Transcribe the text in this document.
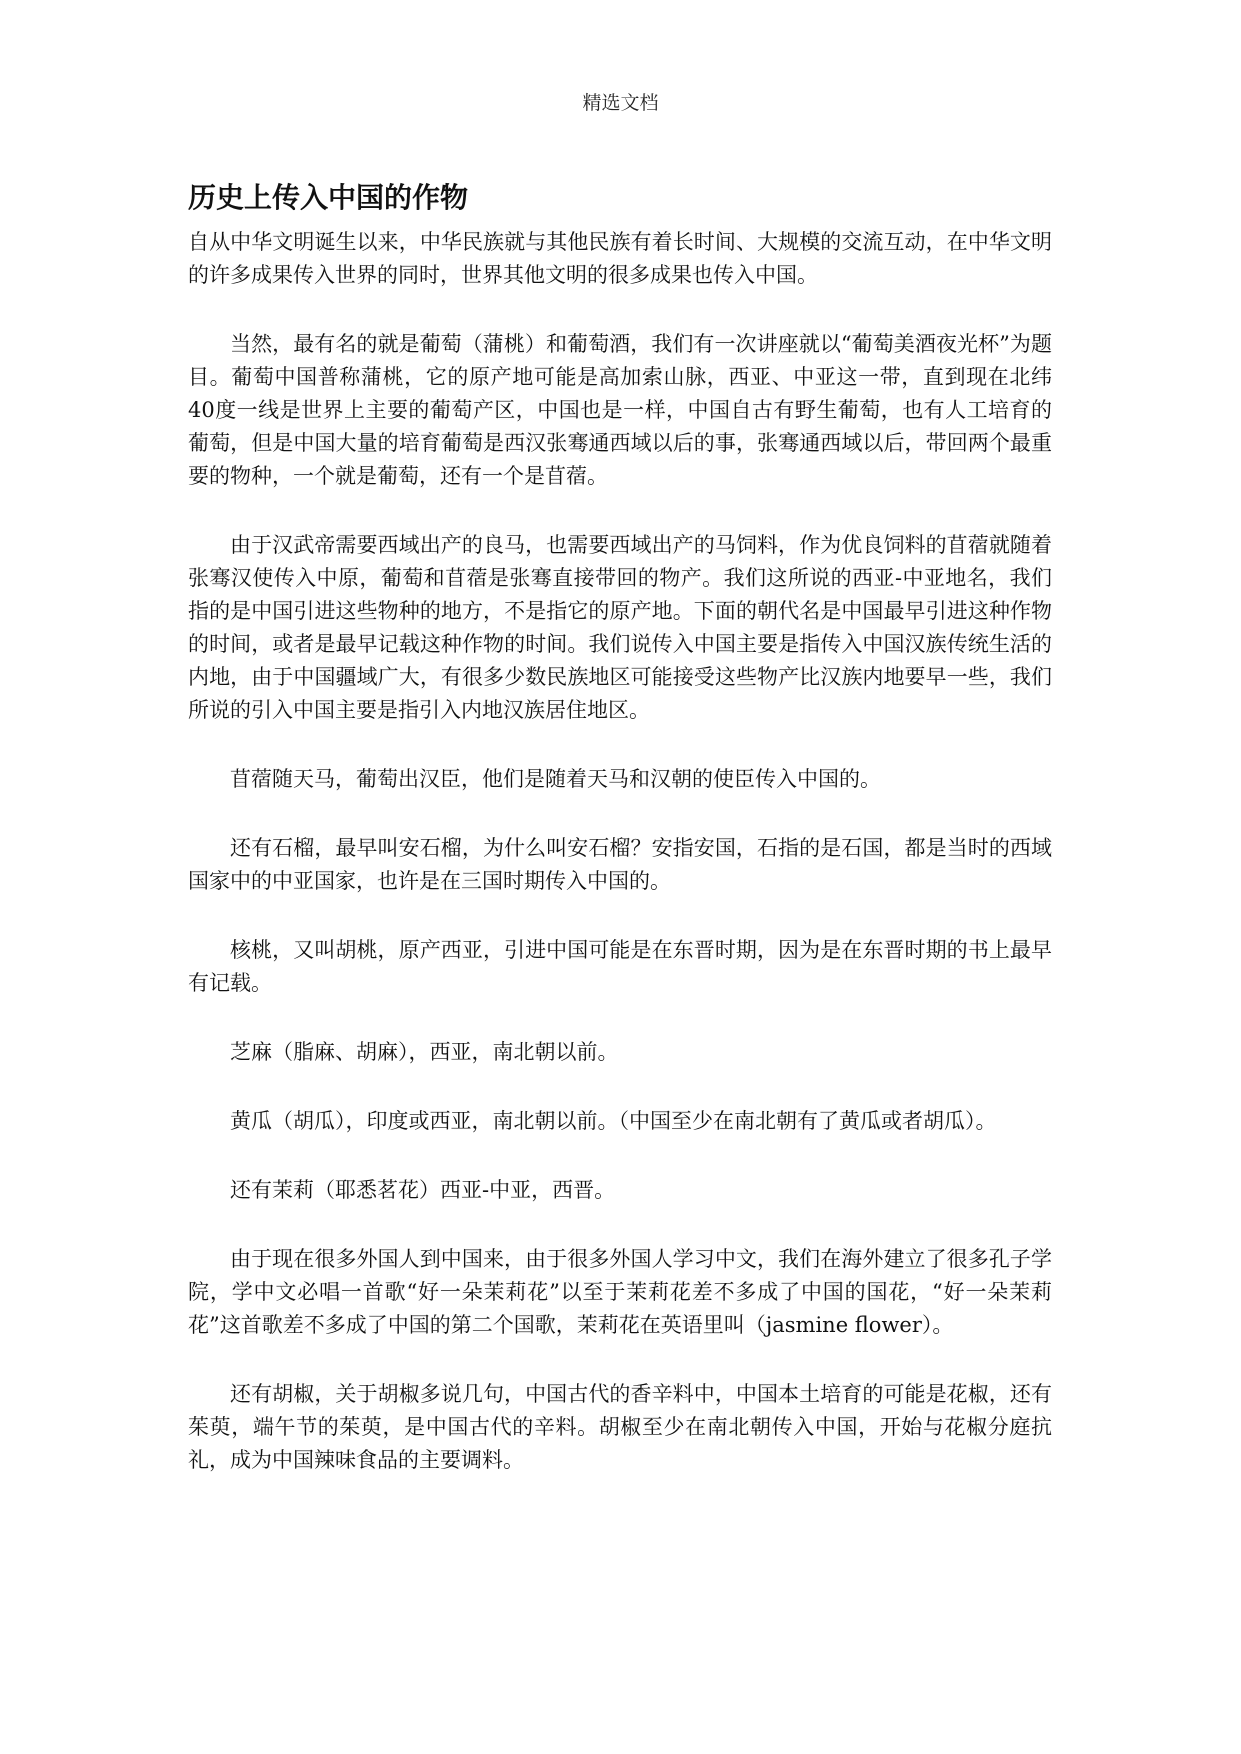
精选文档
历史上传入中国的作物

自从中华文明诞生以来，中华民族就与其他民族有着长时间、大规模的交流互动，在中华文明的许多成果传入世界的同时，世界其他文明的很多成果也传入中国。

当然，最有名的就是葡萄（蒲桃）和葡萄酒，我们有一次讲座就以“葡萄美酒夜光杯”为题目。葡萄中国普称蒲桃，它的原产地可能是高加索山脉，西亚、中亚这一带，直到现在北纬40度一线是世界上主要的葡萄产区，中国也是一样，中国自古有野生葡萄，也有人工培育的葡萄，但是中国大量的培育葡萄是西汉张骞通西域以后的事，张骞通西域以后，带回两个最重要的物种，一个就是葡萄，还有一个是苜蓿。

由于汉武帝需要西域出产的良马，也需要西域出产的马饲料，作为优良饲料的苜蓿就随着张骞汉使传入中原，葡萄和苜蓿是张骞直接带回的物产。我们这所说的西亚-中亚地名，我们指的是中国引进这些物种的地方，不是指它的原产地。下面的朝代名是中国最早引进这种作物的时间，或者是最早记载这种作物的时间。我们说传入中国主要是指传入中国汉族传统生活的内地，由于中国疆域广大，有很多少数民族地区可能接受这些物产比汉族内地要早一些，我们所说的引入中国主要是指引入内地汉族居住地区。

苜蓿随天马，葡萄出汉臣，他们是随着天马和汉朝的使臣传入中国的。

还有石榴，最早叫安石榴，为什么叫安石榴？安指安国，石指的是石国，都是当时的西域国家中的中亚国家，也许是在三国时期传入中国的。

核桃，又叫胡桃，原产西亚，引进中国可能是在东晋时期，因为是在东晋时期的书上最早有记载。

芝麻（脂麻、胡麻），西亚，南北朝以前。

黄瓜（胡瓜），印度或西亚，南北朝以前。（中国至少在南北朝有了黄瓜或者胡瓜）。

还有茉莉（耶悉茗花）西亚-中亚，西晋。

由于现在很多外国人到中国来，由于很多外国人学习中文，我们在海外建立了很多孔子学院，学中文必唱一首歌“好一朵茉莉花”以至于茉莉花差不多成了中国的国花，“好一朵茉莉花”这首歌差不多成了中国的第二个国歌，茉莉花在英语里叫（jasmine flower）。

还有胡椒，关于胡椒多说几句，中国古代的香辛料中，中国本土培育的可能是花椒，还有茱萸，端午节的茱萸，是中国古代的辛料。胡椒至少在南北朝传入中国，开始与花椒分庭抗礼，成为中国辣味食品的主要调料。
